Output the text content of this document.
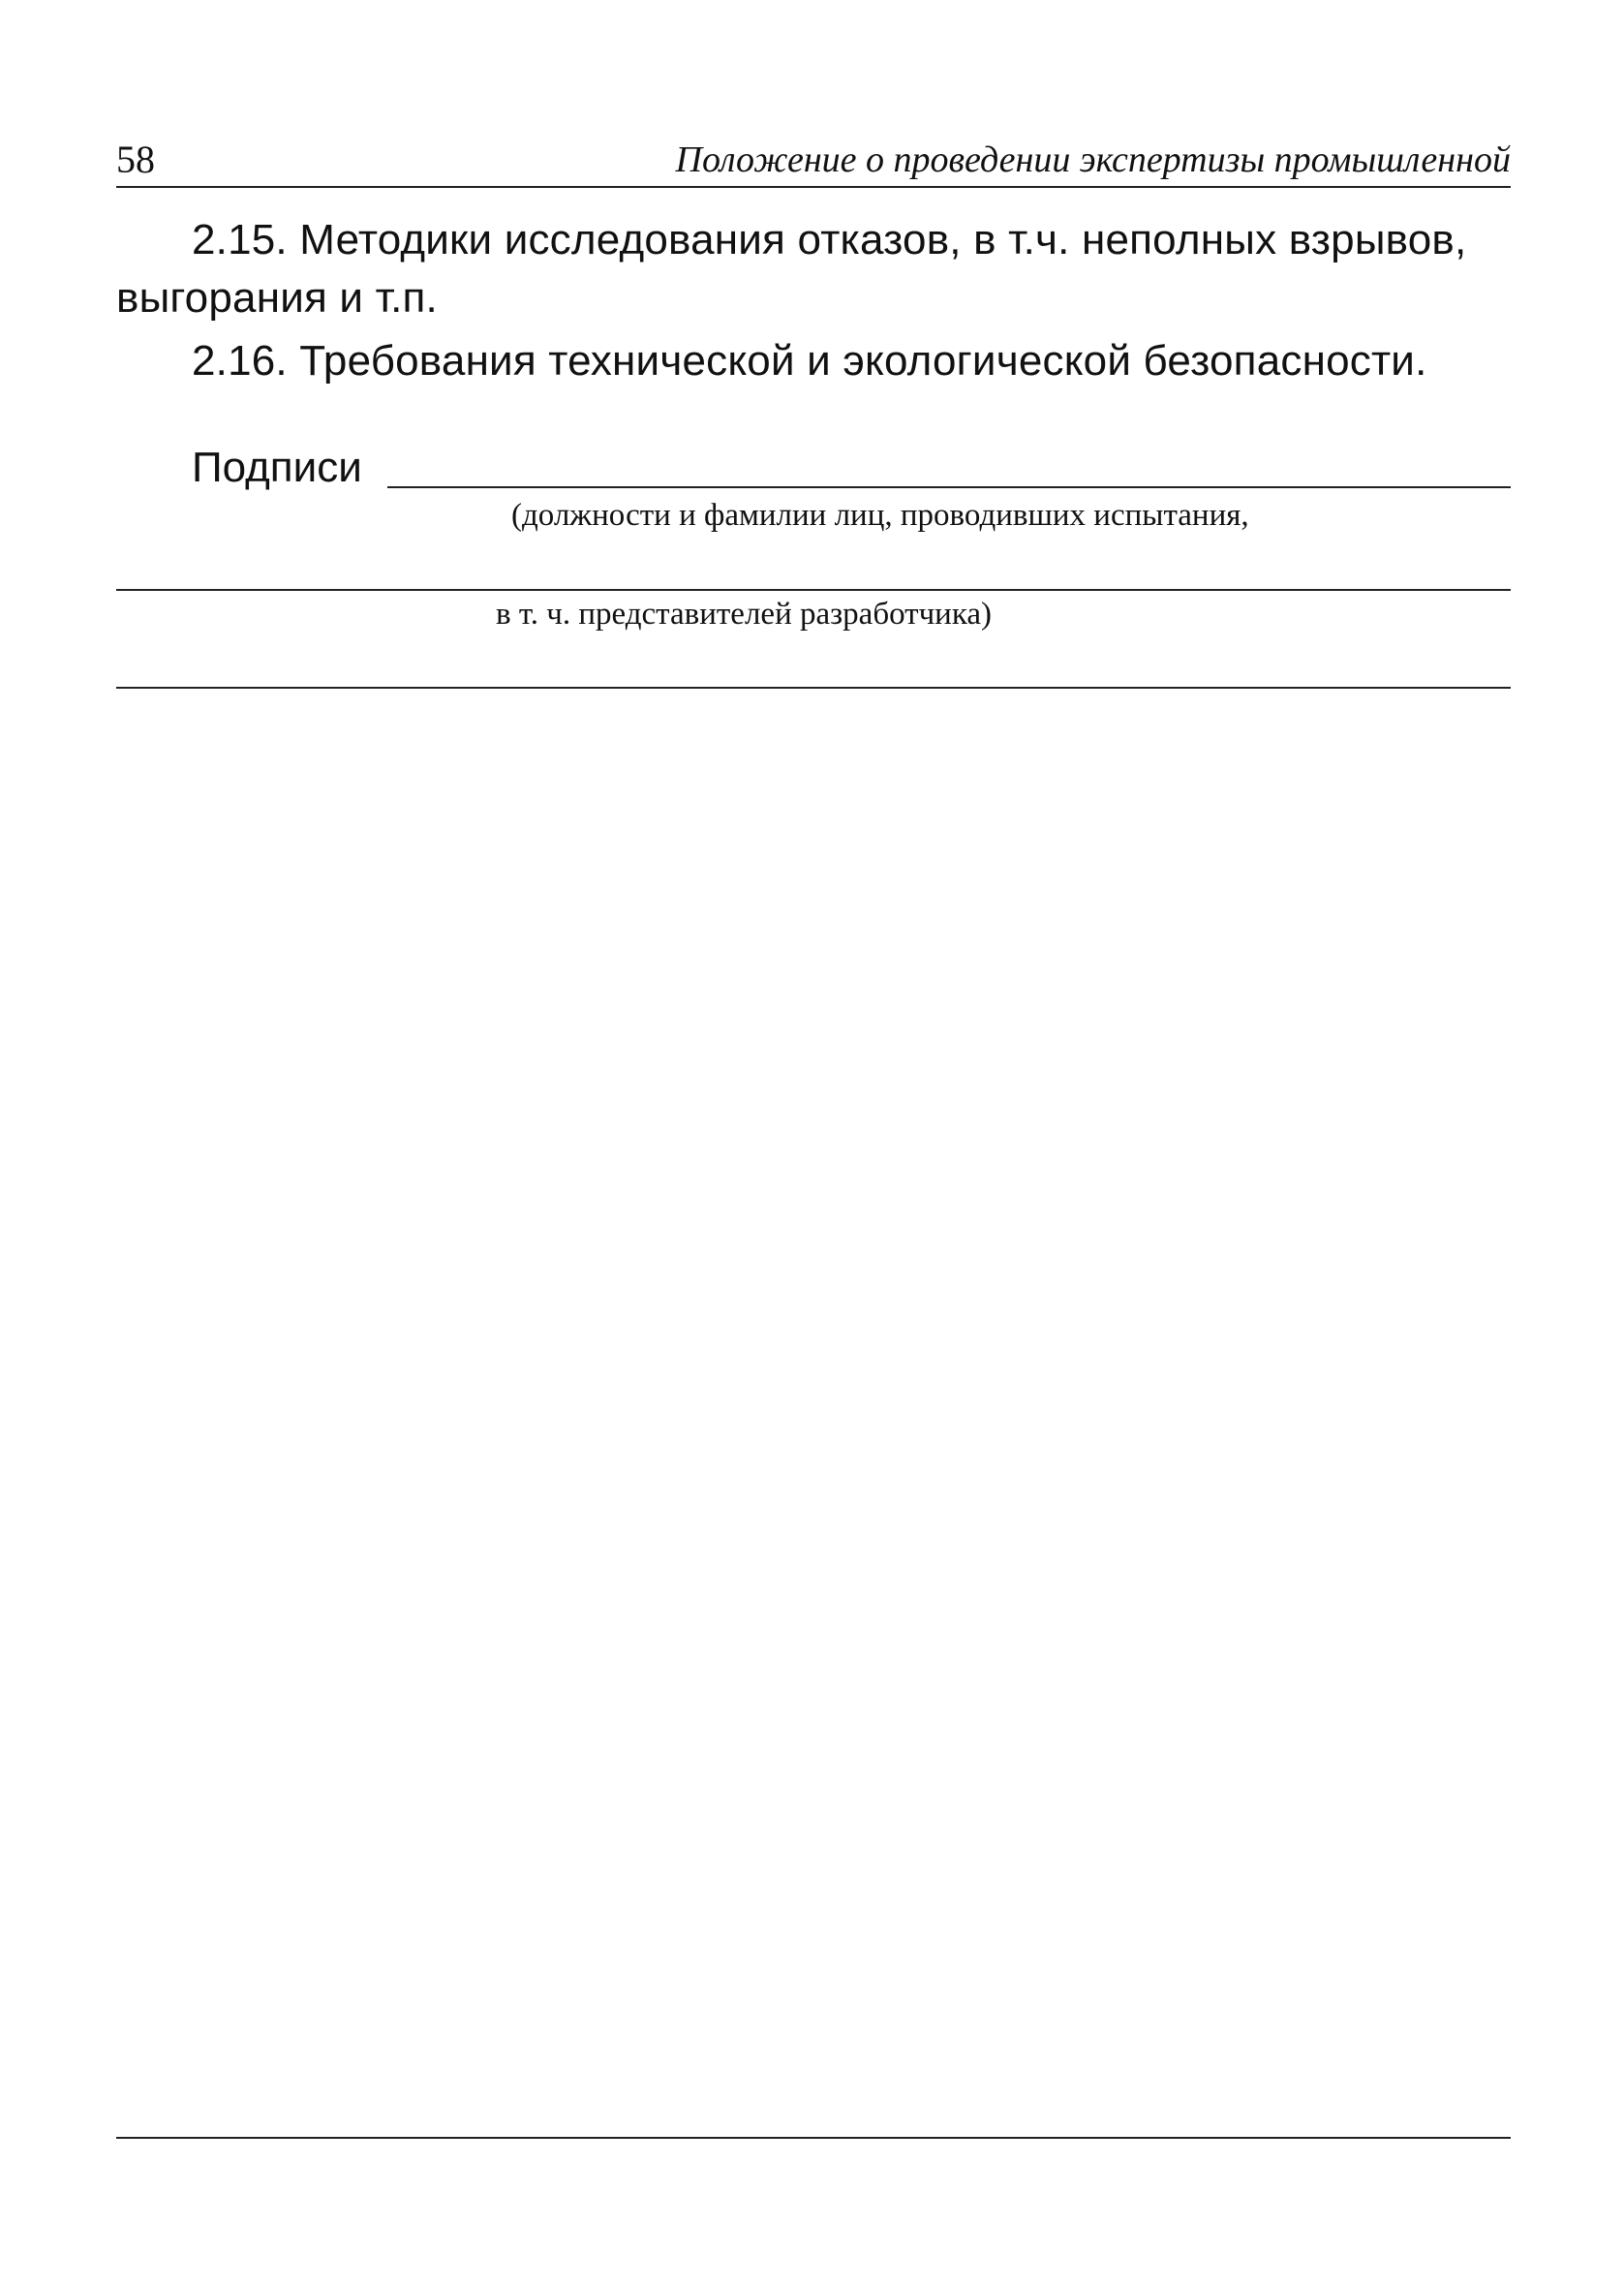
58	Положение о проведении экспертизы промышленной
2.15. Методики исследования отказов, в т.ч. неполных взрывов,
выгорания и т.п.
2.16. Требования технической и экологической безопасности.
Подписи
(должности и фамилии лиц, проводивших испытания,
в т. ч. представителей разработчика)
